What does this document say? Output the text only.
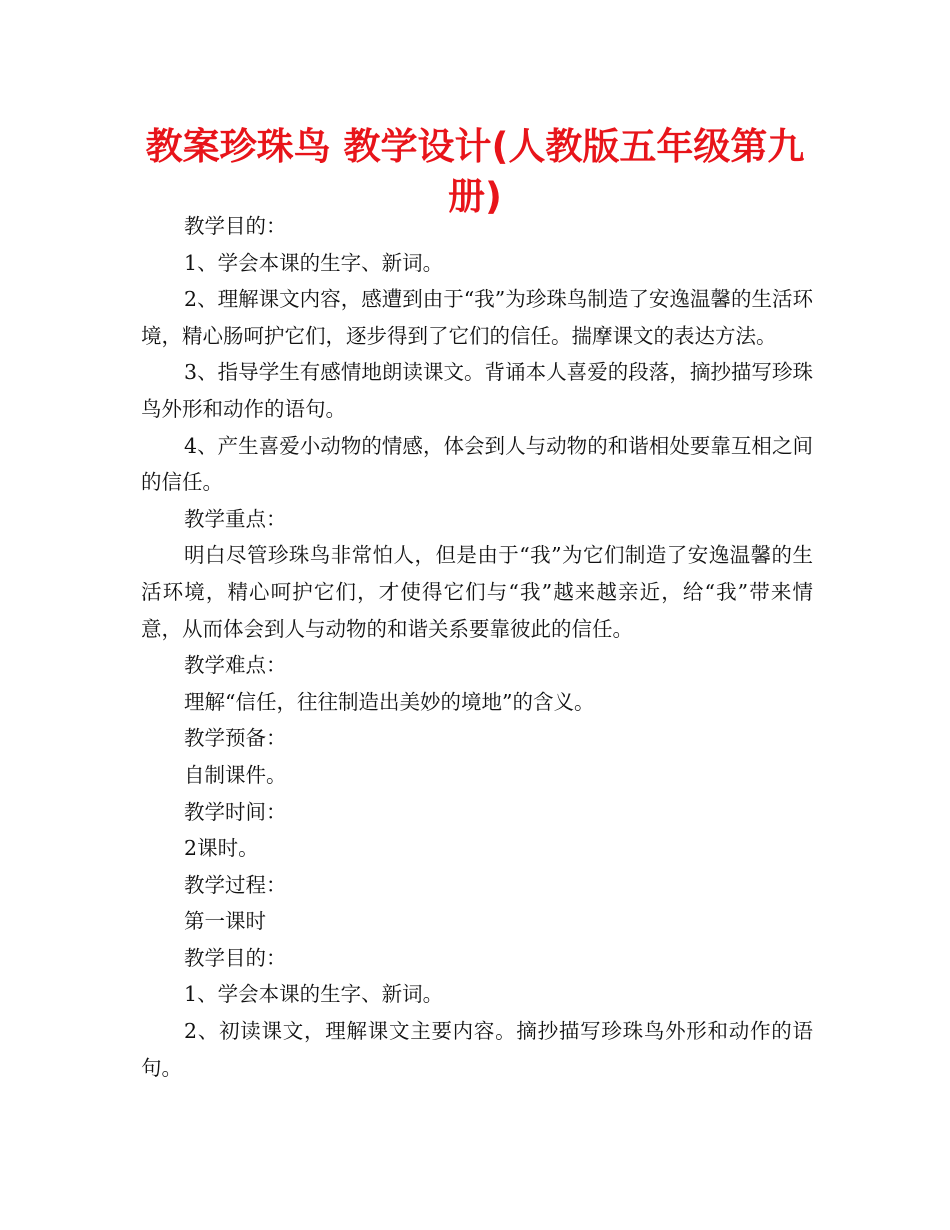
教案珍珠鸟 教学设计(人教版五年级第九册)

教学目的：

1、学会本课的生字、新词。

2、理解课文内容，感遭到由于“我”为珍珠鸟制造了安逸温馨的生活环境，精心肠呵护它们，逐步得到了它们的信任。揣摩课文的表达方法。

3、指导学生有感情地朗读课文。背诵本人喜爱的段落，摘抄描写珍珠鸟外形和动作的语句。

4、产生喜爱小动物的情感，体会到人与动物的和谐相处要靠互相之间的信任。

教学重点：

明白尽管珍珠鸟非常怕人，但是由于“我”为它们制造了安逸温馨的生活环境，精心呵护它们，才使得它们与“我”越来越亲近，给“我”带来情意，从而体会到人与动物的和谐关系要靠彼此的信任。

教学难点：

理解“信任，往往制造出美妙的境地”的含义。

教学预备：

自制课件。

教学时间：

2课时。

教学过程：

第一课时

教学目的：

1、学会本课的生字、新词。

2、初读课文，理解课文主要内容。摘抄描写珍珠鸟外形和动作的语句。
